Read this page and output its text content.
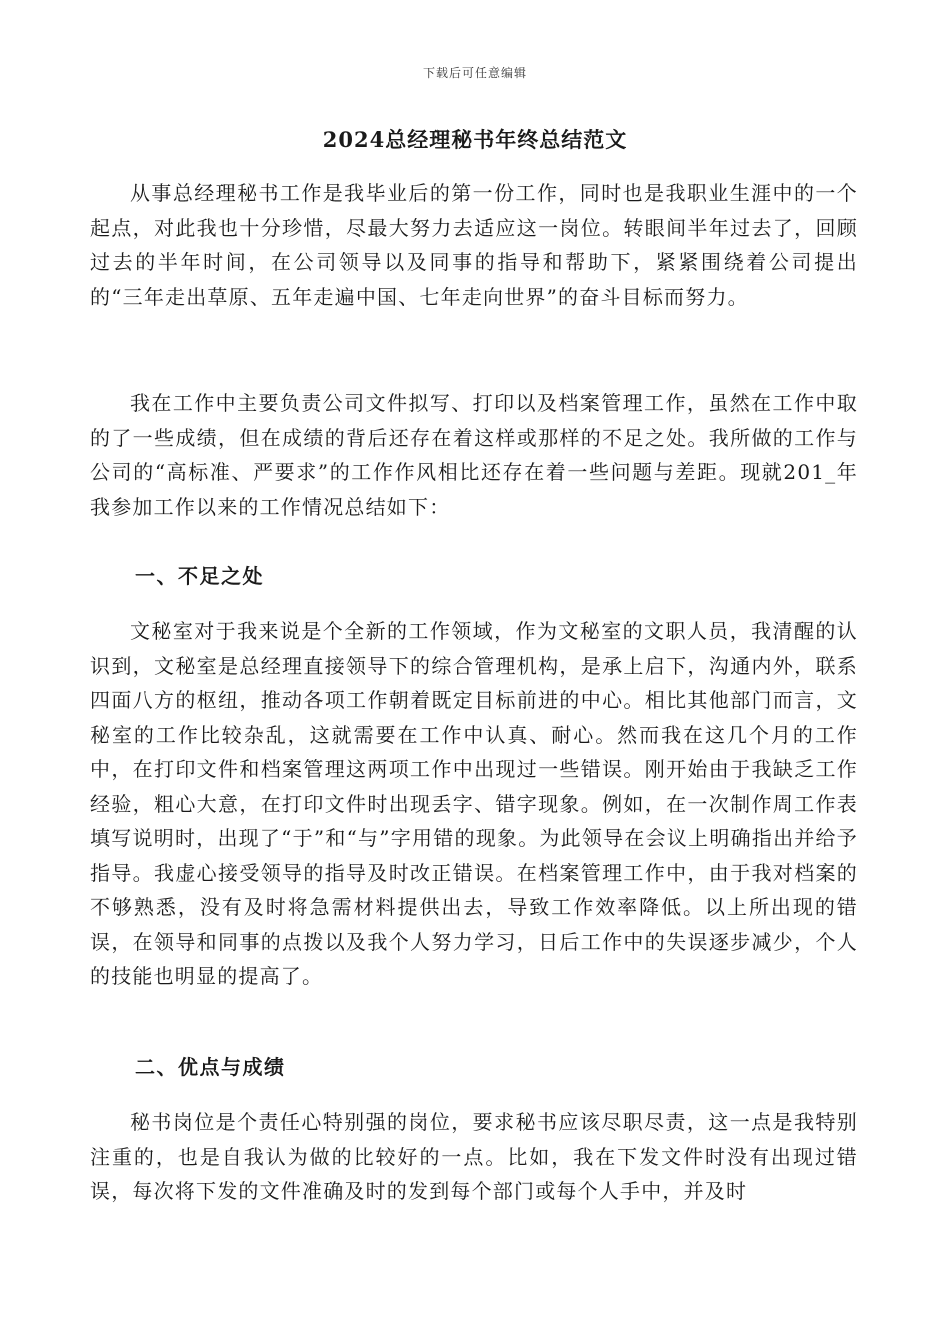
下载后可任意编辑
2024总经理秘书年终总结范文

从事总经理秘书工作是我毕业后的第一份工作，同时也是我职业生涯中的一个起点，对此我也十分珍惜，尽最大努力去适应这一岗位。转眼间半年过去了，回顾过去的半年时间，在公司领导以及同事的指导和帮助下，紧紧围绕着公司提出的“三年走出草原、五年走遍中国、七年走向世界”的奋斗目标而努力。

我在工作中主要负责公司文件拟写、打印以及档案管理工作，虽然在工作中取的了一些成绩，但在成绩的背后还存在着这样或那样的不足之处。我所做的工作与公司的“高标准、严要求”的工作作风相比还存在着一些问题与差距。现就201_年我参加工作以来的工作情况总结如下：

一、不足之处

文秘室对于我来说是个全新的工作领域，作为文秘室的文职人员，我清醒的认识到，文秘室是总经理直接领导下的综合管理机构，是承上启下，沟通内外，联系四面八方的枢纽，推动各项工作朝着既定目标前进的中心。相比其他部门而言，文秘室的工作比较杂乱，这就需要在工作中认真、耐心。然而我在这几个月的工作中，在打印文件和档案管理这两项工作中出现过一些错误。刚开始由于我缺乏工作经验，粗心大意，在打印文件时出现丢字、错字现象。例如，在一次制作周工作表填写说明时，出现了“于”和“与”字用错的现象。为此领导在会议上明确指出并给予指导。我虚心接受领导的指导及时改正错误。在档案管理工作中，由于我对档案的不够熟悉，没有及时将急需材料提供出去，导致工作效率降低。以上所出现的错误，在领导和同事的点拨以及我个人努力学习，日后工作中的失误逐步减少，个人的技能也明显的提高了。

二、优点与成绩

秘书岗位是个责任心特别强的岗位，要求秘书应该尽职尽责，这一点是我特别注重的，也是自我认为做的比较好的一点。比如，我在下发文件时没有出现过错误，每次将下发的文件准确及时的发到每个部门或每个人手中，并及时
